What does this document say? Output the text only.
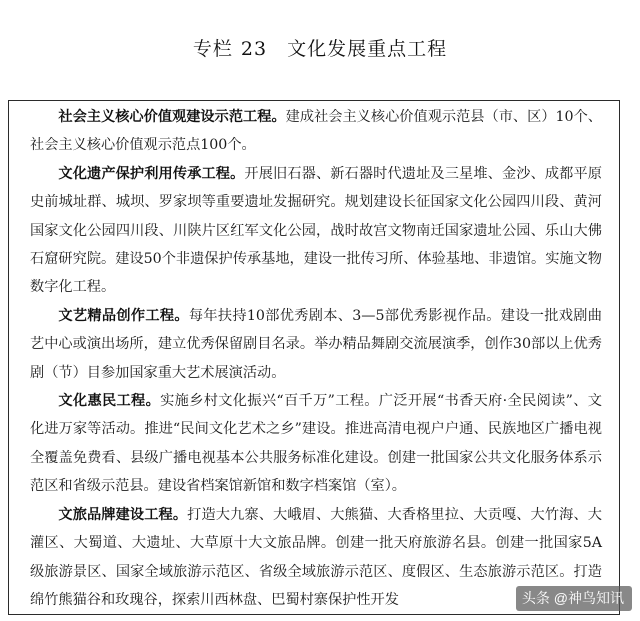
专栏 23 文化发展重点工程

社会主义核心价值观建设示范工程。建成社会主义核心价值观示范县（市、区）10个、社会主义核心价值观示范点100个。

文化遗产保护利用传承工程。开展旧石器、新石器时代遗址及三星堆、金沙、成都平原史前城址群、城坝、罗家坝等重要遗址发掘研究。规划建设长征国家文化公园四川段、黄河国家文化公园四川段、川陕片区红军文化公园，战时故宫文物南迁国家遗址公园、乐山大佛石窟研究院。建设50个非遗保护传承基地，建设一批传习所、体验基地、非遗馆。实施文物数字化工程。

文艺精品创作工程。每年扶持10部优秀剧本、3—5部优秀影视作品。建设一批戏剧曲艺中心或演出场所，建立优秀保留剧目名录。举办精品舞剧交流展演季，创作30部以上优秀剧（节）目参加国家重大艺术展演活动。

文化惠民工程。实施乡村文化振兴“百千万”工程。广泛开展“书香天府·全民阅读”、文化进万家等活动。推进“民间文化艺术之乡”建设。推进高清电视户户通、民族地区广播电视全覆盖免费看、县级广播电视基本公共服务标准化建设。创建一批国家公共文化服务体系示范区和省级示范县。建设省档案馆新馆和数字档案馆（室）。

文旅品牌建设工程。打造大九寨、大峨眉、大熊猫、大香格里拉、大贡嘎、大竹海、大灌区、大蜀道、大遗址、大草原十大文旅品牌。创建一批天府旅游名县。创建一批国家5A级旅游景区、国家全域旅游示范区、省级全域旅游示范区、度假区、生态旅游示范区。打造绵竹熊猫谷和玫瑰谷，探索川西林盘、巴蜀村寨保护性开发	头条 @神鸟知讯
